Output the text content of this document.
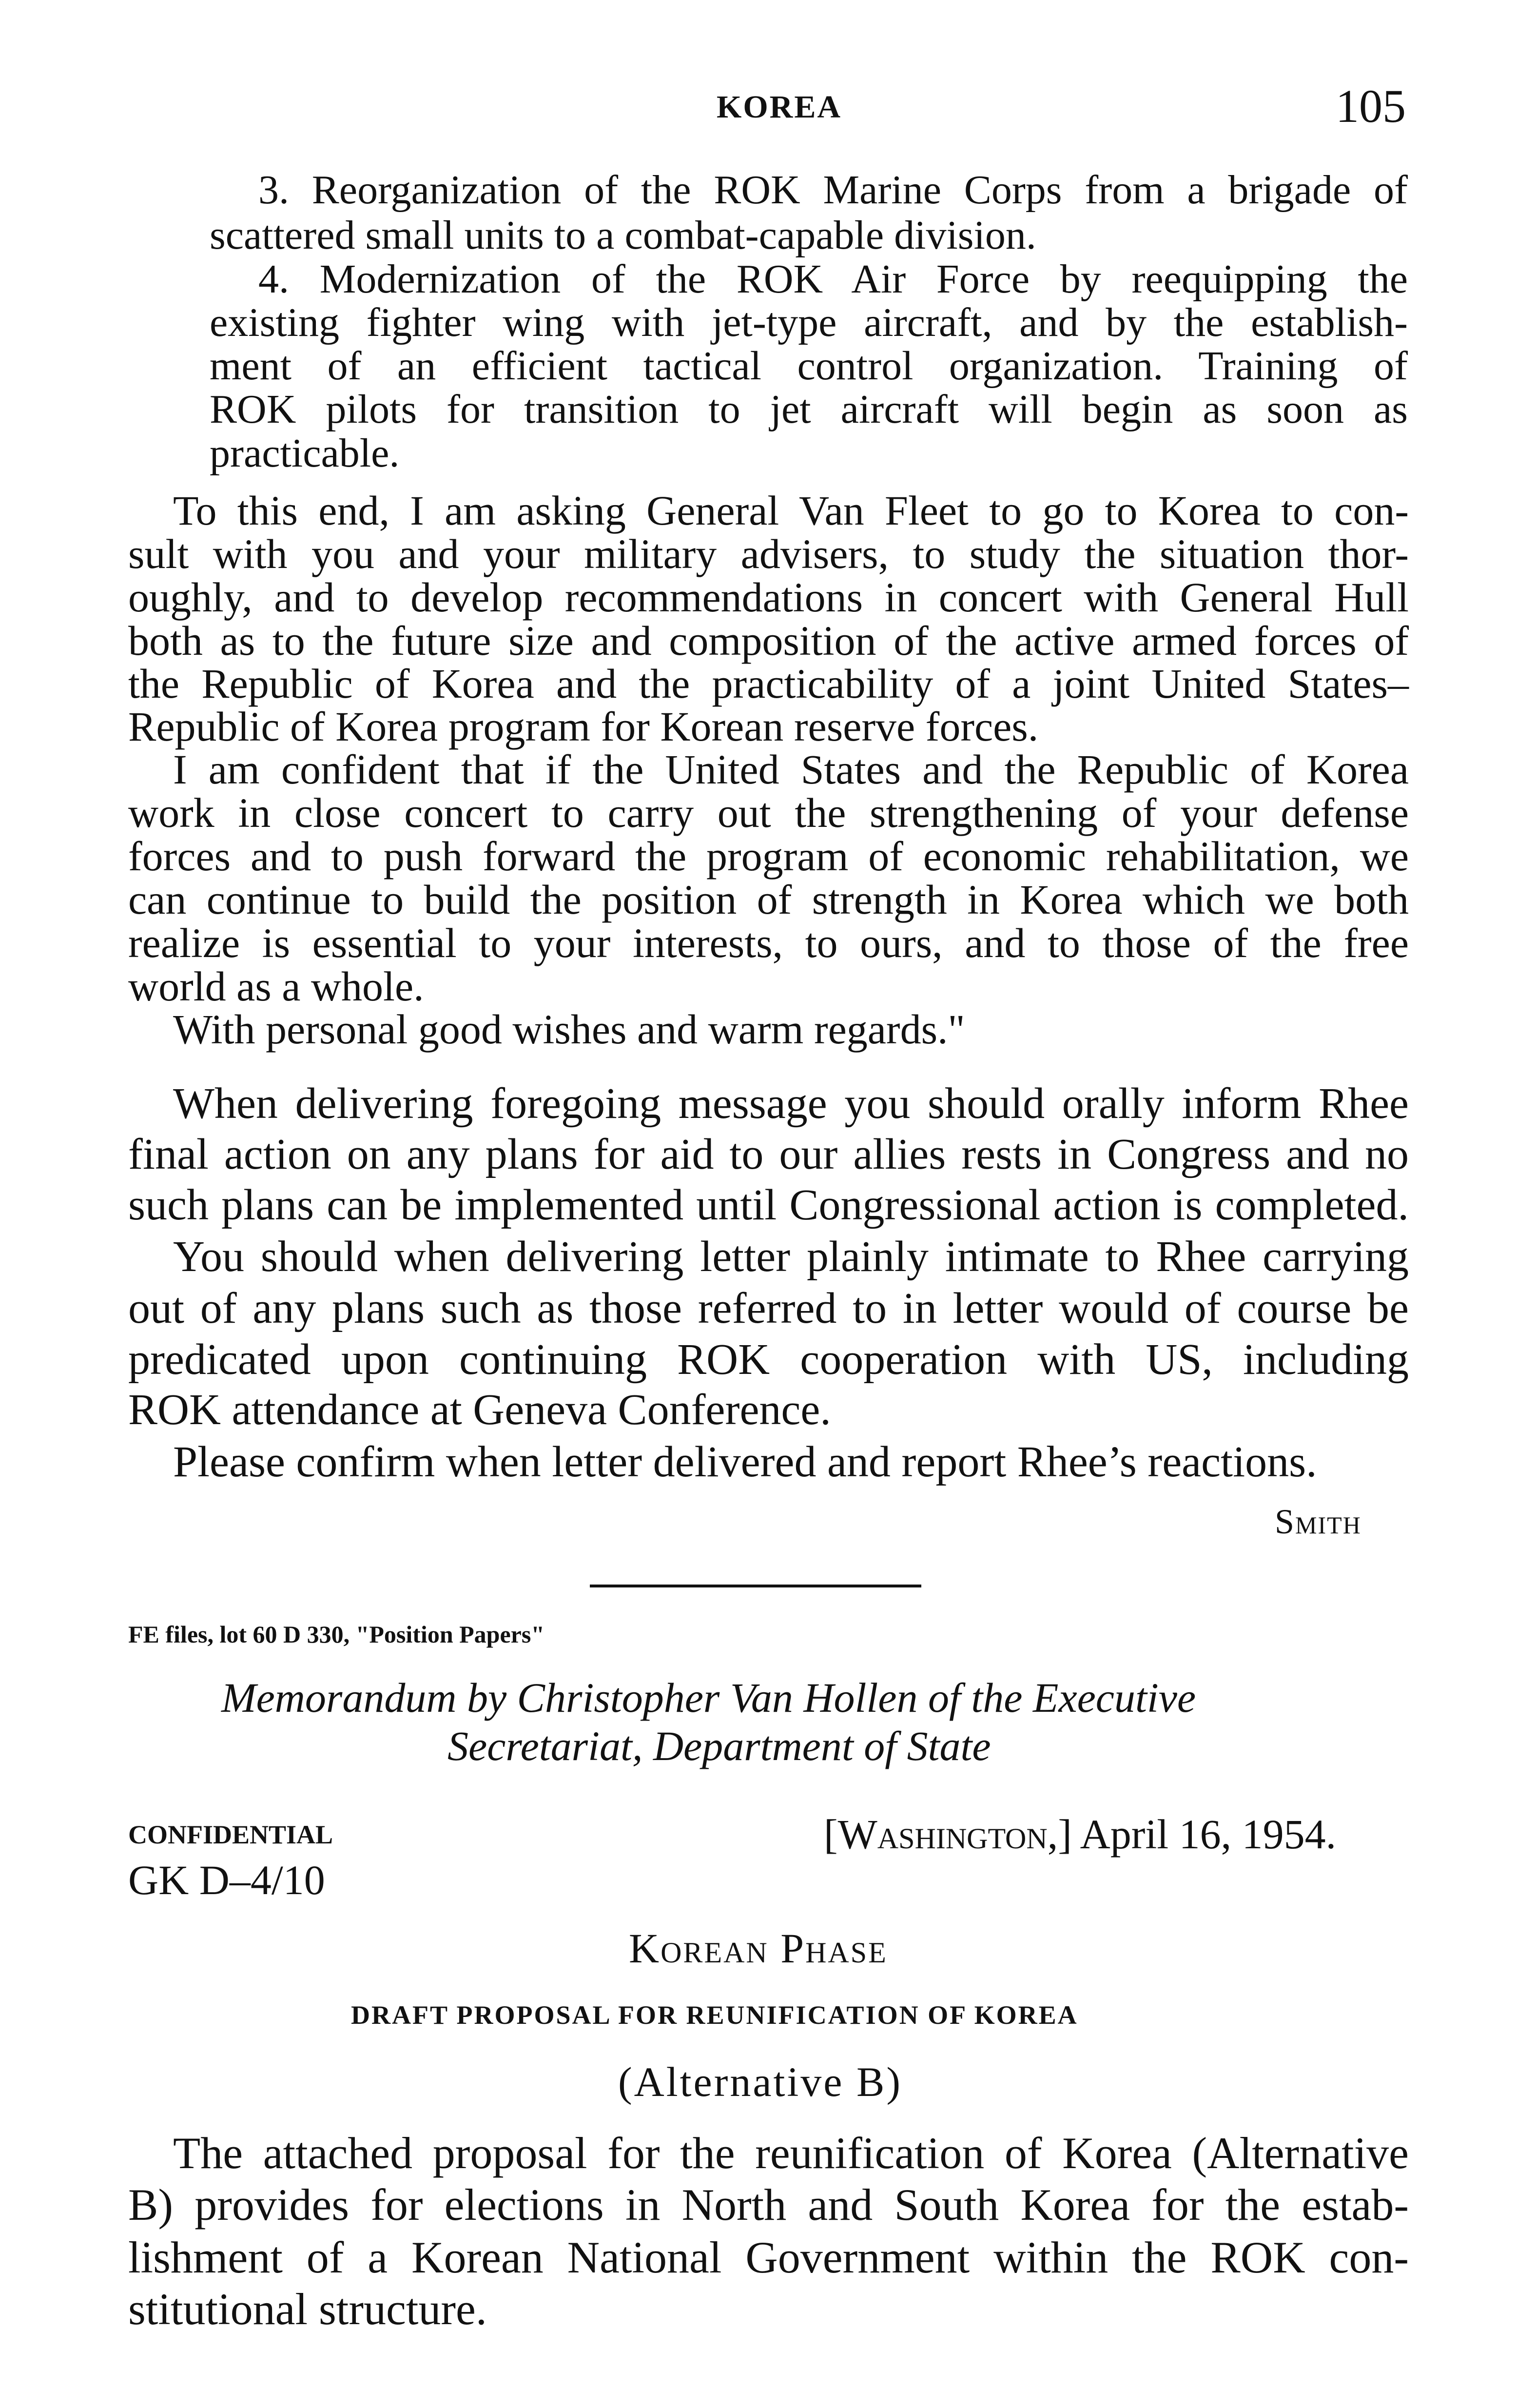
KOREA	105
3. Reorganization of the ROK Marine Corps from a brigade of
scattered small units to a combat-capable division.
4. Modernization of the ROK Air Force by reequipping the
existing fighter wing with jet-type aircraft, and by the establish-
ment of an efficient tactical control organization. Training of
ROK pilots for transition to jet aircraft will begin as soon as
practicable.
To this end, I am asking General Van Fleet to go to Korea to con-
sult with you and your military advisers, to study the situation thor-
oughly, and to develop recommendations in concert with General Hull
both as to the future size and composition of the active armed forces of
the Republic of Korea and the practicability of a joint United States–
Republic of Korea program for Korean reserve forces.
I am confident that if the United States and the Republic of Korea
work in close concert to carry out the strengthening of your defense
forces and to push forward the program of economic rehabilitation, we
can continue to build the position of strength in Korea which we both
realize is essential to your interests, to ours, and to those of the free
world as a whole.
With personal good wishes and warm regards."
When delivering foregoing message you should orally inform Rhee
final action on any plans for aid to our allies rests in Congress and no
such plans can be implemented until Congressional action is completed.
You should when delivering letter plainly intimate to Rhee carrying
out of any plans such as those referred to in letter would of course be
predicated upon continuing ROK cooperation with US, including
ROK attendance at Geneva Conference.
Please confirm when letter delivered and report Rhee’s reactions.
Smith
FE files, lot 60 D 330, "Position Papers"
Memorandum by Christopher Van Hollen of the Executive
Secretariat, Department of State
CONFIDENTIAL
GK D–4/10
[Washington,] April 16, 1954.
Korean Phase
DRAFT PROPOSAL FOR REUNIFICATION OF KOREA
(Alternative B)
The attached proposal for the reunification of Korea (Alternative
B) provides for elections in North and South Korea for the estab-
lishment of a Korean National Government within the ROK con-
stitutional structure.
